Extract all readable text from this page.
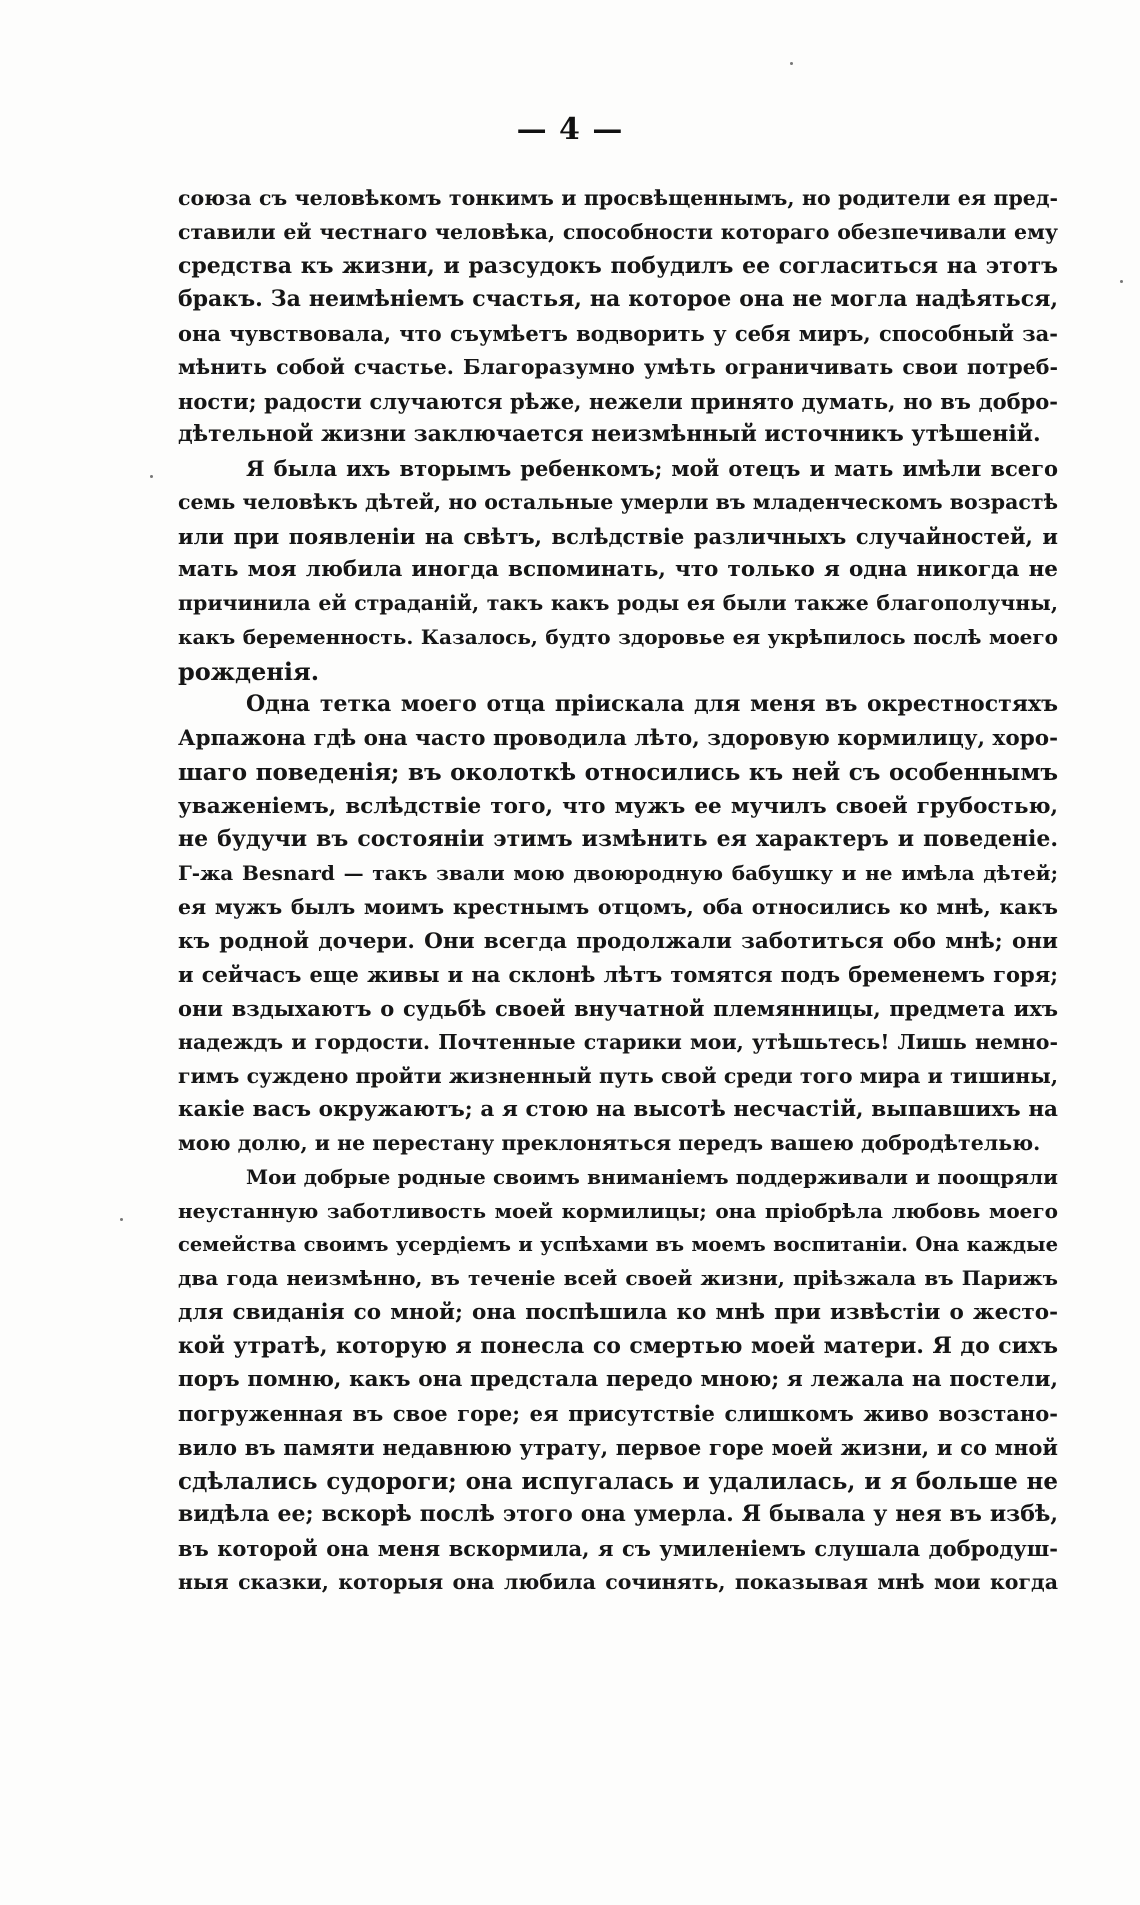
— 4 —
союза съ человѣкомъ тонкимъ и просвѣщеннымъ, но родители ея пред-
ставили ей честнаго человѣка, способности котораго обезпечивали ему
средства къ жизни, и разсудокъ побудилъ ее согласиться на этотъ
бракъ. За неимѣніемъ счастья, на которое она не могла надѣяться,
она чувствовала, что съумѣетъ водворить у себя миръ, способный за-
мѣнить собой счастье. Благоразумно умѣть ограничивать свои потреб-
ности; радости случаются рѣже, нежели принято думать, но въ добро-
дѣтельной жизни заключается неизмѣнный источникъ утѣшеній.
Я была ихъ вторымъ ребенкомъ; мой отецъ и мать имѣли всего
семь человѣкъ дѣтей, но остальные умерли въ младенческомъ возрастѣ
или при появленіи на свѣтъ, вслѣдствіе различныхъ случайностей, и
мать моя любила иногда вспоминать, что только я одна никогда не
причинила ей страданій, такъ какъ роды ея были также благополучны,
какъ беременность. Казалось, будто здоровье ея укрѣпилось послѣ моего
рожденія.
Одна тетка моего отца пріискала для меня въ окрестностяхъ
Арпажона гдѣ она часто проводила лѣто, здоровую кормилицу, хоро-
шаго поведенія; въ околоткѣ относились къ ней съ особеннымъ
уваженіемъ, вслѣдствіе того, что мужъ ее мучилъ своей грубостью,
не будучи въ состояніи этимъ измѣнить ея характеръ и поведеніе.
Г-жа Besnard — такъ звали мою двоюродную бабушку и не имѣла дѣтей;
ея мужъ былъ моимъ крестнымъ отцомъ, оба относились ко мнѣ, какъ
къ родной дочери. Они всегда продолжали заботиться обо мнѣ; они
и сейчасъ еще живы и на склонѣ лѣтъ томятся подъ бременемъ горя;
они вздыхаютъ о судьбѣ своей внучатной племянницы, предмета ихъ
надеждъ и гордости. Почтенные старики мои, утѣшьтесь! Лишь немно-
гимъ суждено пройти жизненный путь свой среди того мира и тишины,
какіе васъ окружаютъ; а я стою на высотѣ несчастій, выпавшихъ на
мою долю, и не перестану преклоняться передъ вашею добродѣтелью.
Мои добрые родные своимъ вниманіемъ поддерживали и поощряли
неустанную заботливость моей кормилицы; она пріобрѣла любовь моего
семейства своимъ усердіемъ и успѣхами въ моемъ воспитаніи. Она каждые
два года неизмѣнно, въ теченіе всей своей жизни, пріѣзжала въ Парижъ
для свиданія со мной; она поспѣшила ко мнѣ при извѣстіи о жесто-
кой утратѣ, которую я понесла со смертью моей матери. Я до сихъ
поръ помню, какъ она предстала передо мною; я лежала на постели,
погруженная въ свое горе; ея присутствіе слишкомъ живо возстано-
вило въ памяти недавнюю утрату, первое горе моей жизни, и со мной
сдѣлались судороги; она испугалась и удалилась, и я больше не
видѣла ее; вскорѣ послѣ этого она умерла. Я бывала у нея въ избѣ,
въ которой она меня вскормила, я съ умиленіемъ слушала добродуш-
ныя сказки, которыя она любила сочинять, показывая мнѣ мои когда
